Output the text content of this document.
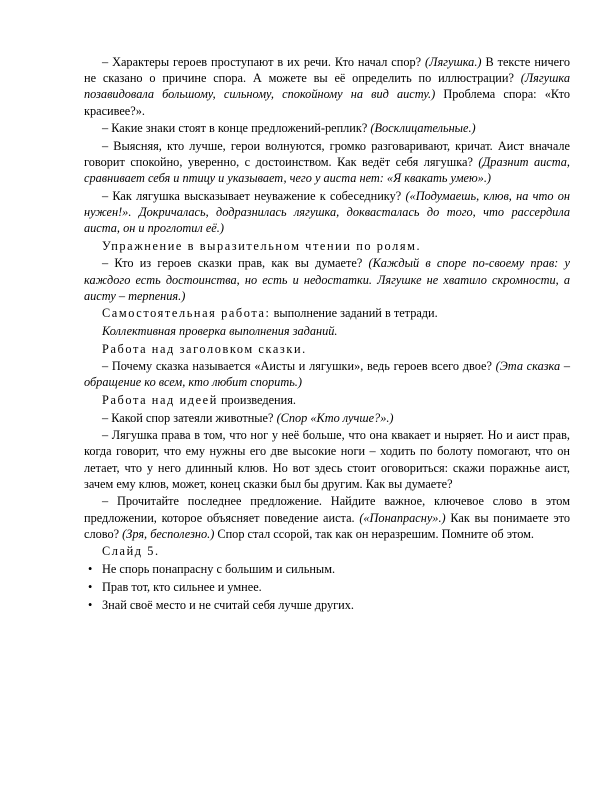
– Характеры героев проступают в их речи. Кто начал спор? (Лягушка.) В тексте ничего не сказано о причине спора. А можете вы её определить по иллюстрации? (Лягушка позавидовала большому, сильному, спокойному на вид аисту.) Проблема спора: «Кто красивее?».

– Какие знаки стоят в конце предложений-реплик? (Восклицательные.)

– Выясняя, кто лучше, герои волнуются, громко разговаривают, кричат. Аист вначале говорит спокойно, уверенно, с достоинством. Как ведёт себя лягушка? (Дразнит аиста, сравнивает себя и птицу и указывает, чего у аиста нет: «Я квакать умею».)

– Как лягушка высказывает неуважение к собеседнику? («Подумаешь, клюв, на что он нужен!». Докричалась, додразнилась лягушка, доквасталась до того, что рассердила аиста, он и проглотил её.)

Упражнение в выразительном чтении по ролям.

– Кто из героев сказки прав, как вы думаете? (Каждый в споре по-своему прав: у каждого есть достоинства, но есть и недостатки. Лягушке не хватило скромности, а аисту – терпения.)

Самостоятельная работа: выполнение заданий в тетради.

Коллективная проверка выполнения заданий.

Работа над заголовком сказки.

– Почему сказка называется «Аисты и лягушки», ведь героев всего двое? (Эта сказка – обращение ко всем, кто любит спорить.)

Работа над идеей произведения.

– Какой спор затеяли животные? (Спор «Кто лучше?».)

– Лягушка права в том, что ног у неё больше, что она квакает и ныряет. Но и аист прав, когда говорит, что ему нужны его две высокие ноги – ходить по болоту помогают, что он летает, что у него длинный клюв. Но вот здесь стоит оговориться: скажи поражнье аист, зачем ему клюв, может, конец сказки был бы другим. Как вы думаете?

– Прочитайте последнее предложение. Найдите важное, ключевое слово в этом предложении, которое объясняет поведение аиста. («Понапрасну».) Как вы понимаете это слово? (Зря, бесполезно.) Спор стал ссорой, так как он неразрешим. Помните об этом.

Слайд 5.

• Не спорь понапрасну с большим и сильным.
• Прав тот, кто сильнее и умнее.
• Знай своё место и не считай себя лучше других.
